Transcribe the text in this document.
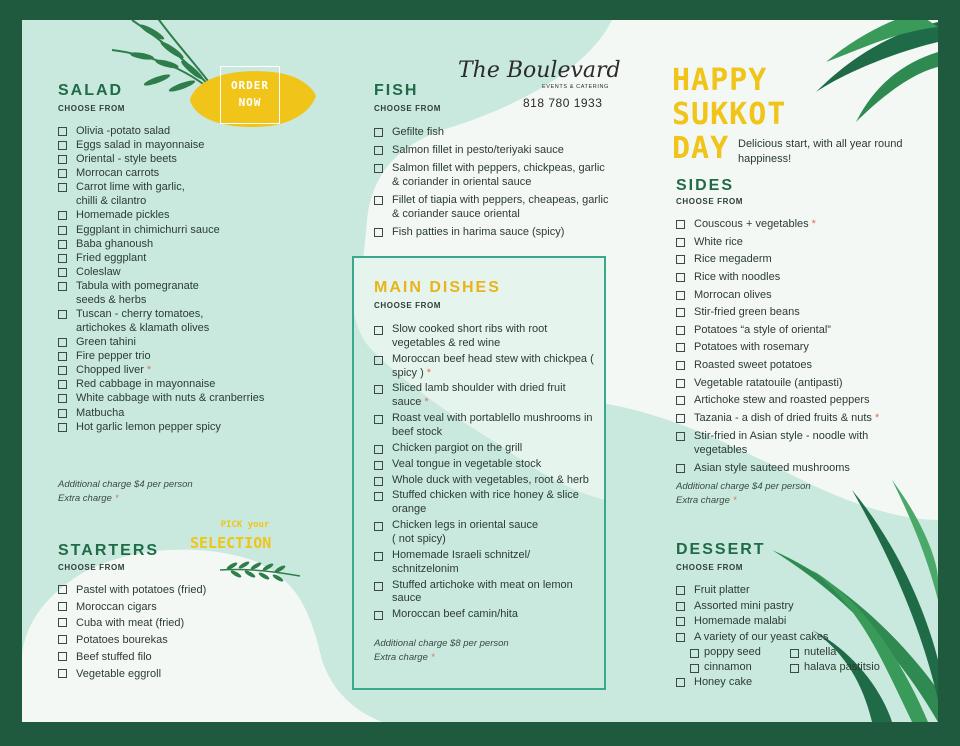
ORDER
NOW
SALAD
CHOOSE FROM
Olivia -potato salad
Eggs salad in mayonnaise
Oriental - style beets
Morrocan carrots
Carrot lime with garlic, chilli & cilantro
Homemade pickles
Eggplant in chimichurri sauce
Baba ghanoush
Fried eggplant
Coleslaw
Tabula with pomegranate seeds & herbs
Tuscan - cherry tomatoes, artichokes & klamath olives
Green tahini
Fire pepper trio
Chopped liver *
Red cabbage in mayonnaise
White cabbage with nuts & cranberries
Matbucha
Hot garlic lemon pepper spicy
Additional charge $4 per person
Extra charge *
STARTERS
CHOOSE FROM
Pastel with potatoes (fried)
Moroccan cigars
Cuba with meat (fried)
Potatoes bourekas
Beef stuffed filo
Vegetable eggroll
PICK your
SELECTION
FISH
CHOOSE FROM
Gefilte fish
Salmon fillet in pesto/teriyaki sauce
Salmon fillet with peppers, chickpeas, garlic & coriander in oriental sauce
Fillet of tiapia with peppers, cheapeas, garlic & coriander sauce oriental
Fish patties in harima sauce (spicy)
The Boulevard
EVENTS & CATERING
818 780 1933
MAIN DISHES
CHOOSE FROM
Slow cooked short ribs with root vegetables & red wine
Moroccan beef head stew with chickpea ( spicy ) *
Sliced lamb shoulder with dried fruit sauce *
Roast veal with portablello mushrooms in beef stock
Chicken pargiot on the grill
Veal tongue in vegetable stock
Whole duck with vegetables, root & herb
Stuffed chicken with rice honey & slice orange
Chicken legs in oriental sauce ( not spicy)
Homemade Israeli schnitzel/ schnitzelonim
Stuffed artichoke with meat on lemon sauce
Moroccan beef camin/hita
Additional charge $8 per person
Extra charge *
HAPPY
SUKKOT
DAY Delicious start, with all year round happiness!
SIDES
CHOOSE FROM
Couscous + vegetables *
White rice
Rice megaderm
Rice with noodles
Morrocan olives
Stir-fried green beans
Potatoes “a style of oriental”
Potatoes with rosemary
Roasted sweet potatoes
Vegetable ratatouile (antipasti)
Artichoke stew and roasted peppers
Tazania - a dish of dried fruits & nuts *
Stir-fried in Asian style - noodle with vegetables
Asian style sauteed mushrooms
Additional charge $4 per person
Extra charge *
DESSERT
CHOOSE FROM
Fruit platter
Assorted mini pastry
Homemade malabi
A variety of our yeast cakes
poppy seed	nutella
cinnamon	halava pastitsio
Honey cake
